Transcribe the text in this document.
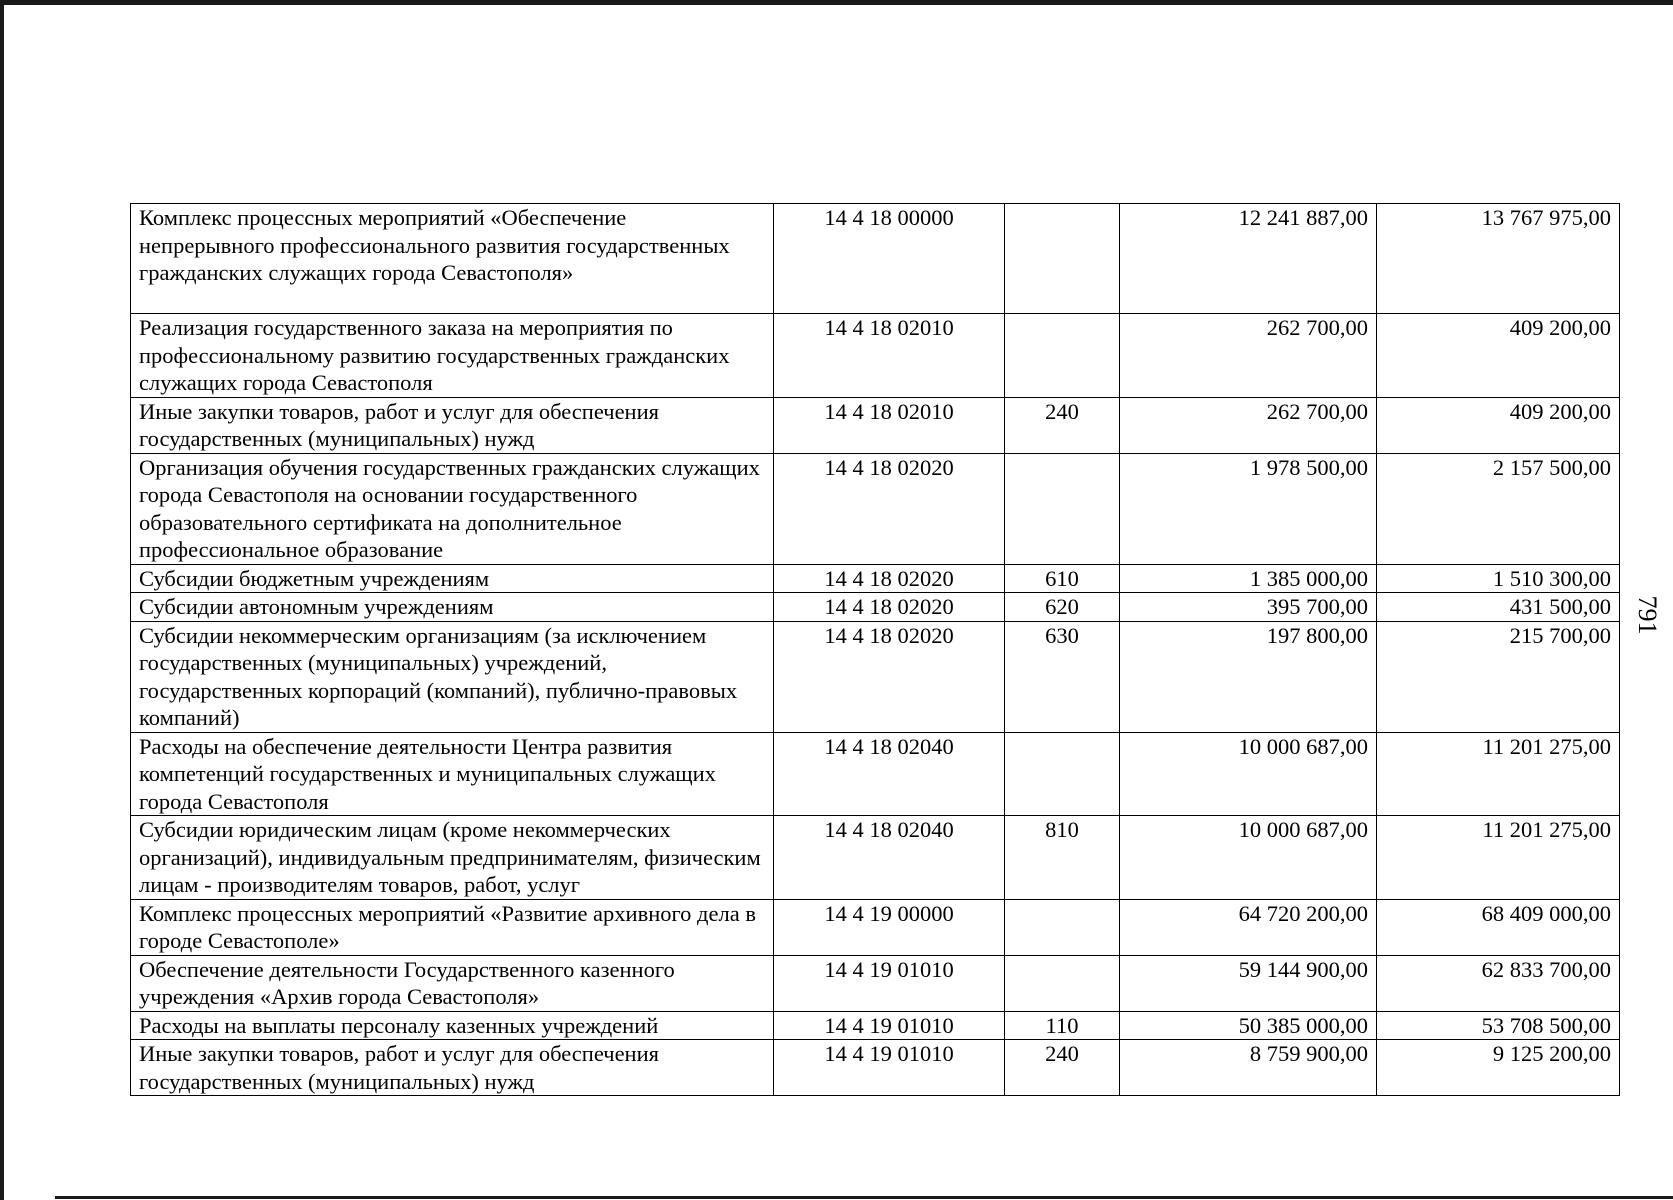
Комплекс процессных мероприятий «Обеспечение непрерывного профессионального развития государственных гражданских служащих города Севастополя»	14 4 18 00000		12 241 887,00	13 767 975,00
Реализация государственного заказа на мероприятия по профессиональному развитию государственных гражданских служащих города Севастополя	14 4 18 02010		262 700,00	409 200,00
Иные закупки товаров, работ и услуг для обеспечения государственных (муниципальных) нужд	14 4 18 02010	240	262 700,00	409 200,00
Организация обучения государственных гражданских служащих города Севастополя на основании государственного образовательного сертификата на дополнительное профессиональное образование	14 4 18 02020		1 978 500,00	2 157 500,00
Субсидии бюджетным учреждениям	14 4 18 02020	610	1 385 000,00	1 510 300,00
Субсидии автономным учреждениям	14 4 18 02020	620	395 700,00	431 500,00
Субсидии некоммерческим организациям (за исключением государственных (муниципальных) учреждений, государственных корпораций (компаний), публично-правовых компаний)	14 4 18 02020	630	197 800,00	215 700,00
Расходы на обеспечение деятельности Центра развития компетенций государственных и муниципальных служащих города Севастополя	14 4 18 02040		10 000 687,00	11 201 275,00
Субсидии юридическим лицам (кроме некоммерческих организаций), индивидуальным предпринимателям, физическим лицам - производителям товаров, работ, услуг	14 4 18 02040	810	10 000 687,00	11 201 275,00
Комплекс процессных мероприятий «Развитие архивного дела в городе Севастополе»	14 4 19 00000		64 720 200,00	68 409 000,00
Обеспечение деятельности Государственного казенного учреждения «Архив города Севастополя»	14 4 19 01010		59 144 900,00	62 833 700,00
Расходы на выплаты персоналу казенных учреждений	14 4 19 01010	110	50 385 000,00	53 708 500,00
Иные закупки товаров, работ и услуг для обеспечения государственных (муниципальных) нужд	14 4 19 01010	240	8 759 900,00	9 125 200,00
791
